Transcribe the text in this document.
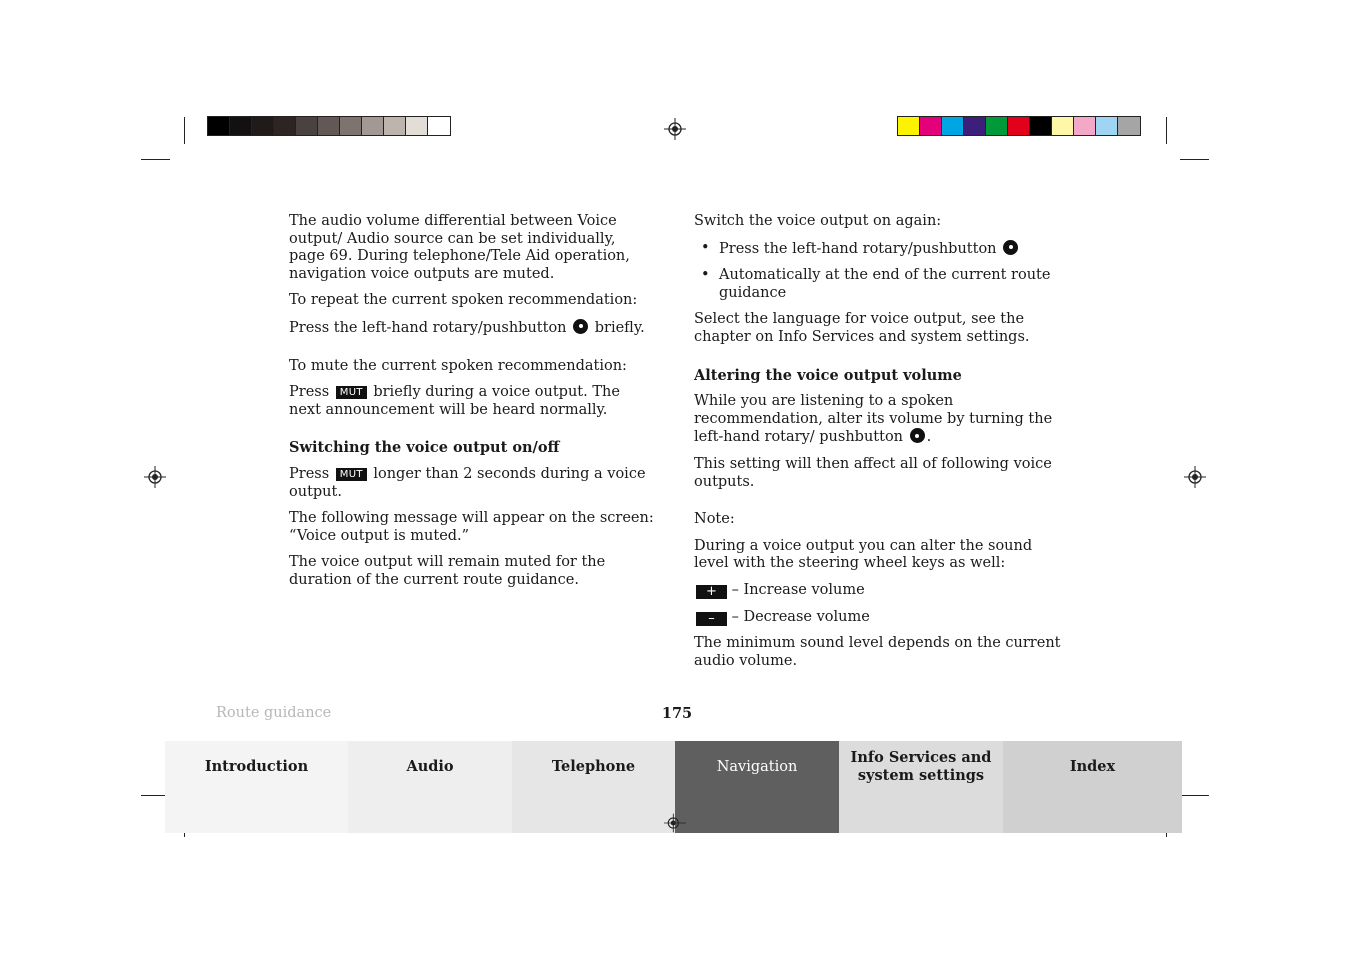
The audio volume differential between Voice output/ Audio source can be set individually, page 69. During telephone/Tele Aid operation, navigation voice outputs are muted.

To repeat the current spoken recommendation:

Press the left-hand rotary/pushbutton briefly.

To mute the current spoken recommendation:

Press MUT briefly during a voice output. The next announcement will be heard normally.

Switching the voice output on/off

Press MUT longer than 2 seconds during a voice output.

The following message will appear on the screen: “Voice output is muted.”

The voice output will remain muted for the duration of the current route guidance.

Switch the voice output on again:

• Press the left-hand rotary/pushbutton
• Automatically at the end of the current route guidance

Select the language for voice output, see the chapter on Info Services and system settings.

Altering the voice output volume

While you are listening to a spoken recommendation, alter its volume by turning the left-hand rotary/ pushbutton .

This setting will then affect all of following voice outputs.

Note:

During a voice output you can alter the sound level with the steering wheel keys as well:

+ – Increase volume

– – Decrease volume

The minimum sound level depends on the current audio volume.

Route guidance	175
Introduction	Audio	Telephone	Navigation
Info Services and
system settings
Index
